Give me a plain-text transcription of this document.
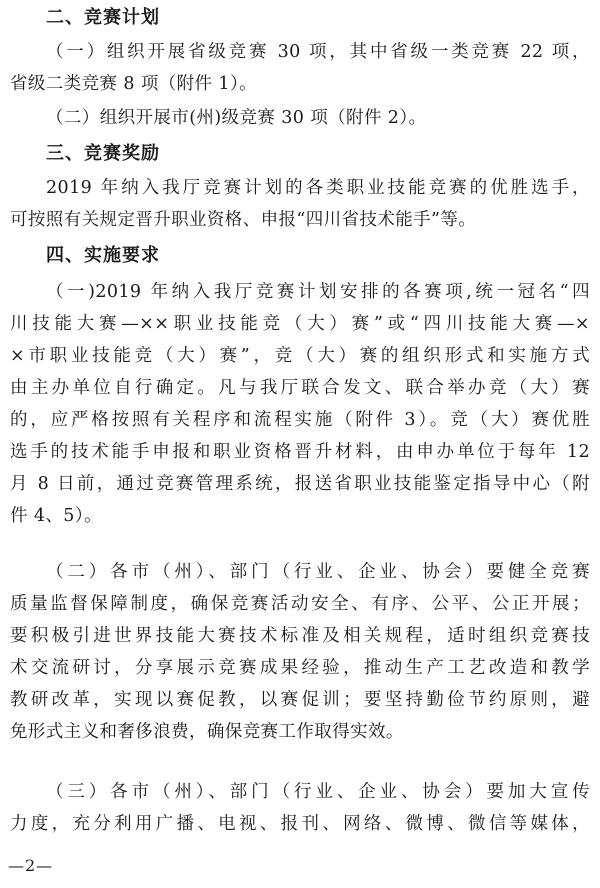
二、竞赛计划

（一）组织开展省级竞赛 30 项，其中省级一类竞赛 22 项，
省级二类竞赛 8 项（附件 1）。

（二）组织开展市(州)级竞赛 30 项（附件 2）。

三、竞赛奖励

2019 年纳入我厅竞赛计划的各类职业技能竞赛的优胜选手，
可按照有关规定晋升职业资格、申报“四川省技术能手”等。

四、实施要求

（一)2019 年纳入我厅竞赛计划安排的各赛项,统一冠名“四
川技能大赛—××职业技能竞（大）赛”或“四川技能大赛—×
×市职业技能竞（大）赛”，竞（大）赛的组织形式和实施方式
由主办单位自行确定。凡与我厅联合发文、联合举办竞（大）赛
的，应严格按照有关程序和流程实施（附件 3）。竞（大）赛优胜
选手的技术能手申报和职业资格晋升材料，由申办单位于每年 12
月 8 日前，通过竞赛管理系统，报送省职业技能鉴定指导中心（附
件 4、5）。

（二）各市（州）、部门（行业、企业、协会）要健全竞赛
质量监督保障制度，确保竞赛活动安全、有序、公平、公正开展；
要积极引进世界技能大赛技术标准及相关规程，适时组织竞赛技
术交流研讨，分享展示竞赛成果经验，推动生产工艺改造和教学
教研改革，实现以赛促教，以赛促训；要坚持勤俭节约原则，避
免形式主义和奢侈浪费，确保竞赛工作取得实效。

（三）各市（州）、部门（行业、企业、协会）要加大宣传
力度，充分利用广播、电视、报刊、网络、微博、微信等媒体，

—2—
